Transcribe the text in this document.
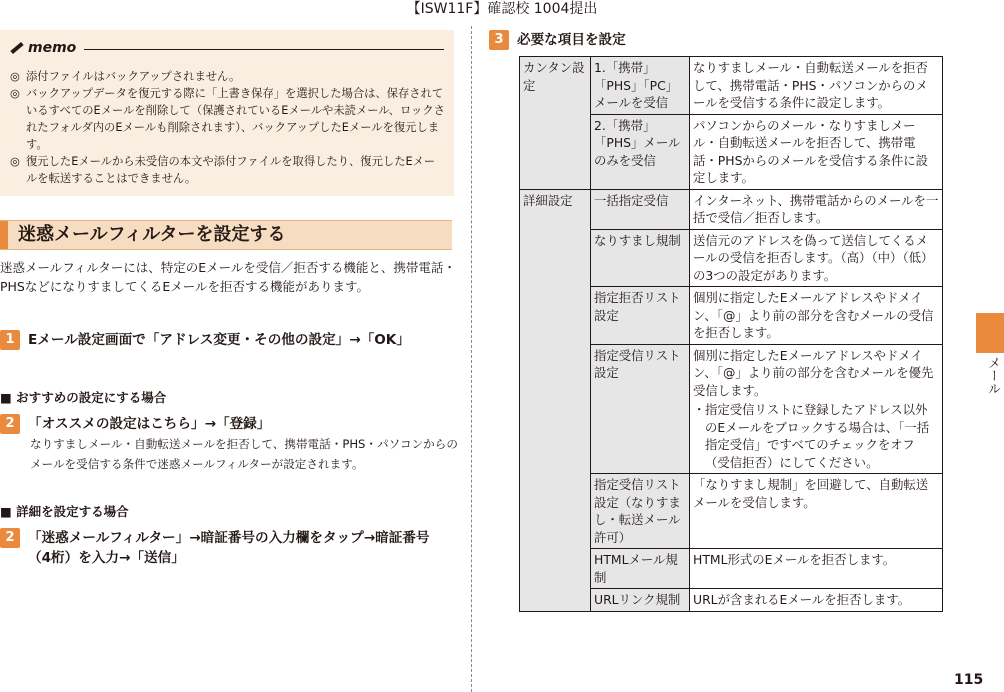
【ISW11F】確認校 1004提出
memo
◎ 添付ファイルはバックアップされません。
◎ バックアップデータを復元する際に「上書き保存」を選択した場合は、保存されているすべてのEメールを削除して（保護されているEメールや未読メール、ロックされたフォルダ内のEメールも削除されます）、バックアップしたEメールを復元します。
◎ 復元したEメールから未受信の本文や添付ファイルを取得したり、復元したEメールを転送することはできません。
迷惑メールフィルターを設定する
迷惑メールフィルターには、特定のEメールを受信／拒否する機能と、携帯電話・PHSなどになりすましてくるEメールを拒否する機能があります。
1 Eメール設定画面で「アドレス変更・その他の設定」→「OK」
■ おすすめの設定にする場合
2 「オススメの設定はこちら」→「登録」
なりすましメール・自動転送メールを拒否して、携帯電話・PHS・パソコンからのメールを受信する条件で迷惑メールフィルターが設定されます。
■ 詳細を設定する場合
2 「迷惑メールフィルター」→暗証番号の入力欄をタップ→暗証番号（4桁）を入力→「送信」
3 必要な項目を設定
カンタン設定	1.「携帯」「PHS」「PC」メールを受信	なりすましメール・自動転送メールを拒否して、携帯電話・PHS・パソコンからのメールを受信する条件に設定します。
	2.「携帯」「PHS」メールのみを受信	パソコンからのメール・なりすましメール・自動転送メールを拒否して、携帯電話・PHSからのメールを受信する条件に設定します。
詳細設定	一括指定受信	インターネット、携帯電話からのメールを一括で受信／拒否します。
	なりすまし規制	送信元のアドレスを偽って送信してくるメールの受信を拒否します。（高）（中）（低）の3つの設定があります。
	指定拒否リスト設定	個別に指定したEメールアドレスやドメイン、「@」より前の部分を含むメールの受信を拒否します。
	指定受信リスト設定	個別に指定したEメールアドレスやドメイン、「@」より前の部分を含むメールを優先受信します。
・ 指定受信リストに登録したアドレス以外のEメールをブロックする場合は、「一括指定受信」ですべてのチェックをオフ（受信拒否）にしてください。

	指定受信リスト設定（なりすまし・転送メール許可）	「なりすまし規制」を回避して、自動転送メールを受信します。
	HTMLメール規制	HTML形式のEメールを拒否します。
	URLリンク規制	URLが含まれるEメールを拒否します。
メール
115
